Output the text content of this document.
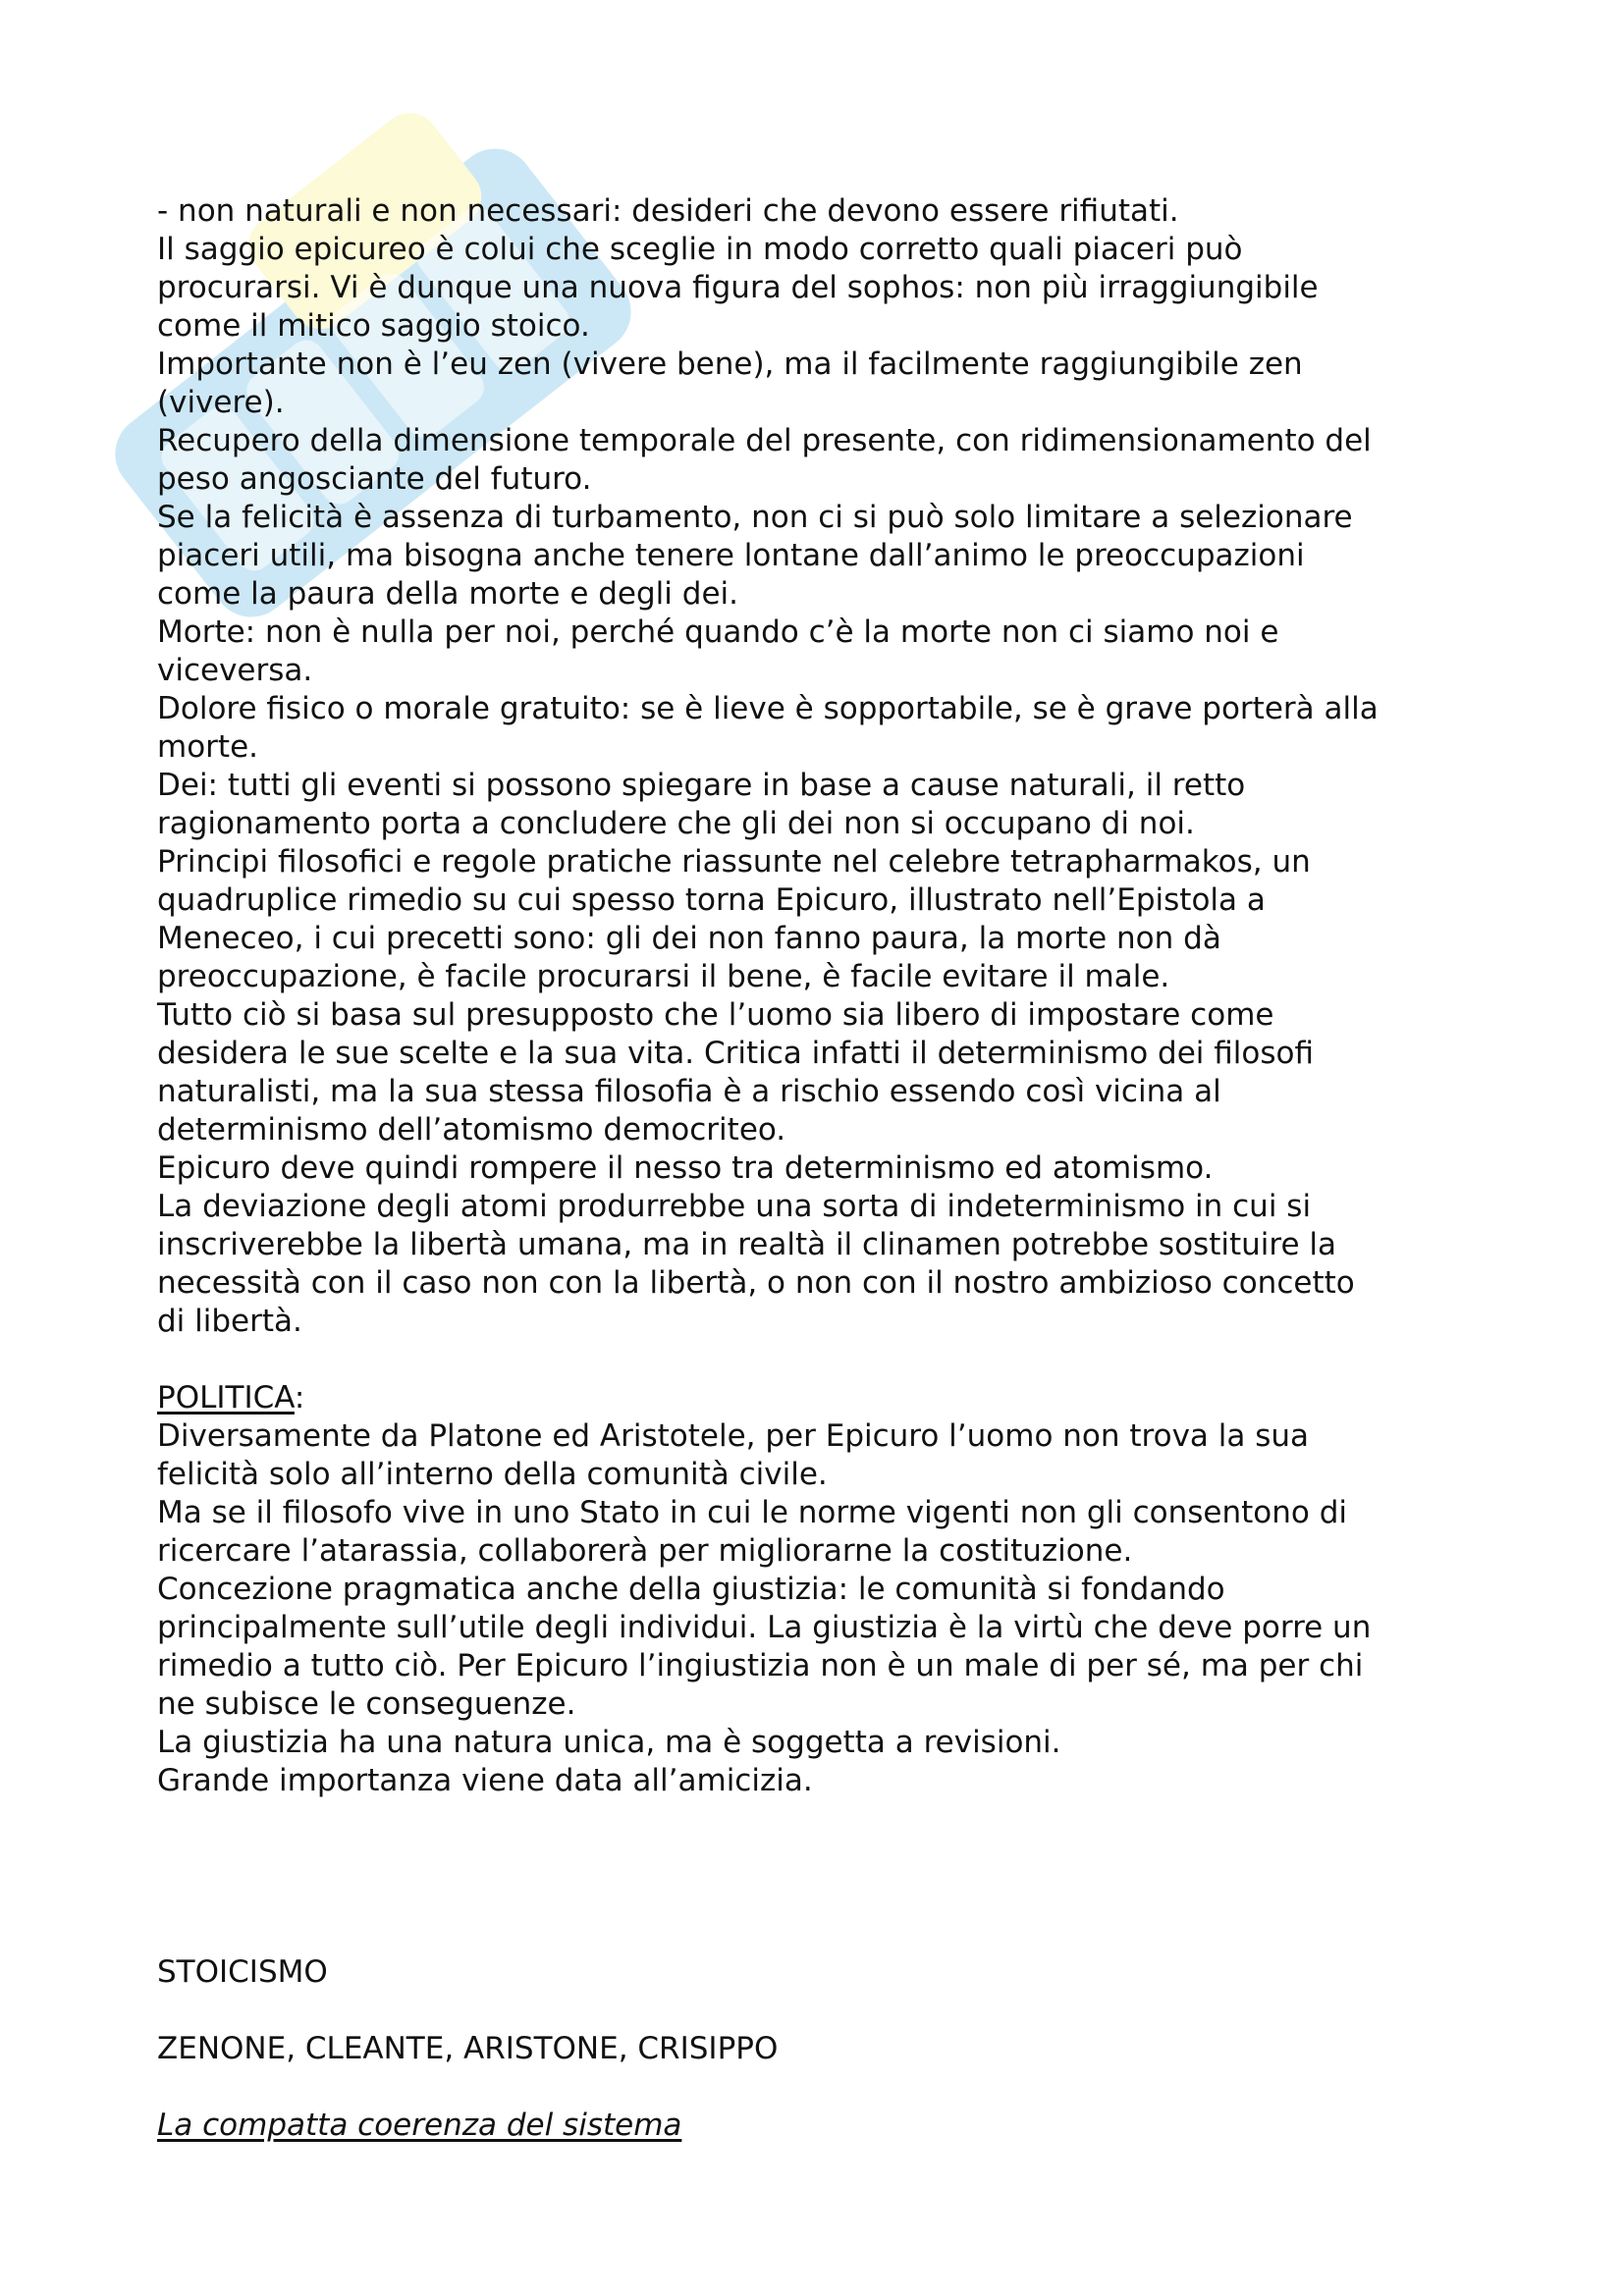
- non naturali e non necessari: desideri che devono essere rifiutati.
Il saggio epicureo è colui che sceglie in modo corretto quali piaceri può
procurarsi. Vi è dunque una nuova figura del sophos: non più irraggiungibile
come il mitico saggio stoico.
Importante non è l’eu zen (vivere bene), ma il facilmente raggiungibile zen
(vivere).
Recupero della dimensione temporale del presente, con ridimensionamento del
peso angosciante del futuro.
Se la felicità è assenza di turbamento, non ci si può solo limitare a selezionare
piaceri utili, ma bisogna anche tenere lontane dall’animo le preoccupazioni
come la paura della morte e degli dei.
Morte: non è nulla per noi, perché quando c’è la morte non ci siamo noi e
viceversa.
Dolore fisico o morale gratuito: se è lieve è sopportabile, se è grave porterà alla
morte.
Dei: tutti gli eventi si possono spiegare in base a cause naturali, il retto
ragionamento porta a concludere che gli dei non si occupano di noi.
Principi filosofici e regole pratiche riassunte nel celebre tetrapharmakos, un
quadruplice rimedio su cui spesso torna Epicuro, illustrato nell’Epistola a
Meneceo, i cui precetti sono: gli dei non fanno paura, la morte non dà
preoccupazione, è facile procurarsi il bene, è facile evitare il male.
Tutto ciò si basa sul presupposto che l’uomo sia libero di impostare come
desidera le sue scelte e la sua vita. Critica infatti il determinismo dei filosofi
naturalisti, ma la sua stessa filosofia è a rischio essendo così vicina al
determinismo dell’atomismo democriteo.
Epicuro deve quindi rompere il nesso tra determinismo ed atomismo.
La deviazione degli atomi produrrebbe una sorta di indeterminismo in cui si
inscriverebbe la libertà umana, ma in realtà il clinamen potrebbe sostituire la
necessità con il caso non con la libertà, o non con il nostro ambizioso concetto
di libertà.
POLITICA:
Diversamente da Platone ed Aristotele, per Epicuro l’uomo non trova la sua
felicità solo all’interno della comunità civile.
Ma se il filosofo vive in uno Stato in cui le norme vigenti non gli consentono di
ricercare l’atarassia, collaborerà per migliorarne la costituzione.
Concezione pragmatica anche della giustizia: le comunità si fondando
principalmente sull’utile degli individui. La giustizia è la virtù che deve porre un
rimedio a tutto ciò. Per Epicuro l’ingiustizia non è un male di per sé, ma per chi
ne subisce le conseguenze.
La giustizia ha una natura unica, ma è soggetta a revisioni.
Grande importanza viene data all’amicizia.
STOICISMO
ZENONE, CLEANTE, ARISTONE, CRISIPPO
La compatta coerenza del sistema
